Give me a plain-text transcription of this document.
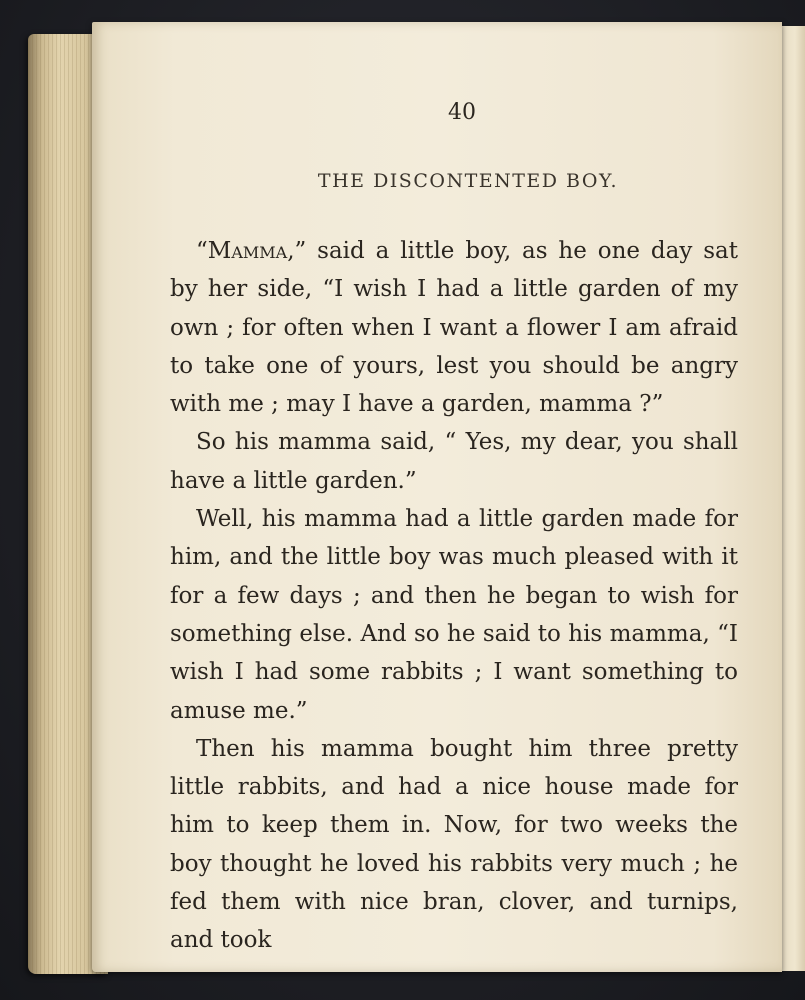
40
THE DISCONTENTED BOY.

“Mamma,” said a little boy, as he one day sat by her side, “I wish I had a little garden of my own ; for often when I want a flower I am afraid to take one of yours, lest you should be angry with me ; may I have a garden, mamma ?”

So his mamma said, “ Yes, my dear, you shall have a little garden.”

Well, his mamma had a little garden made for him, and the little boy was much pleased with it for a few days ; and then he began to wish for something else. And so he said to his mamma, “I wish I had some rabbits ; I want something to amuse me.”

Then his mamma bought him three pretty little rabbits, and had a nice house made for him to keep them in. Now, for two weeks the boy thought he loved his rabbits very much ; he fed them with nice bran, clover, and turnips, and took
